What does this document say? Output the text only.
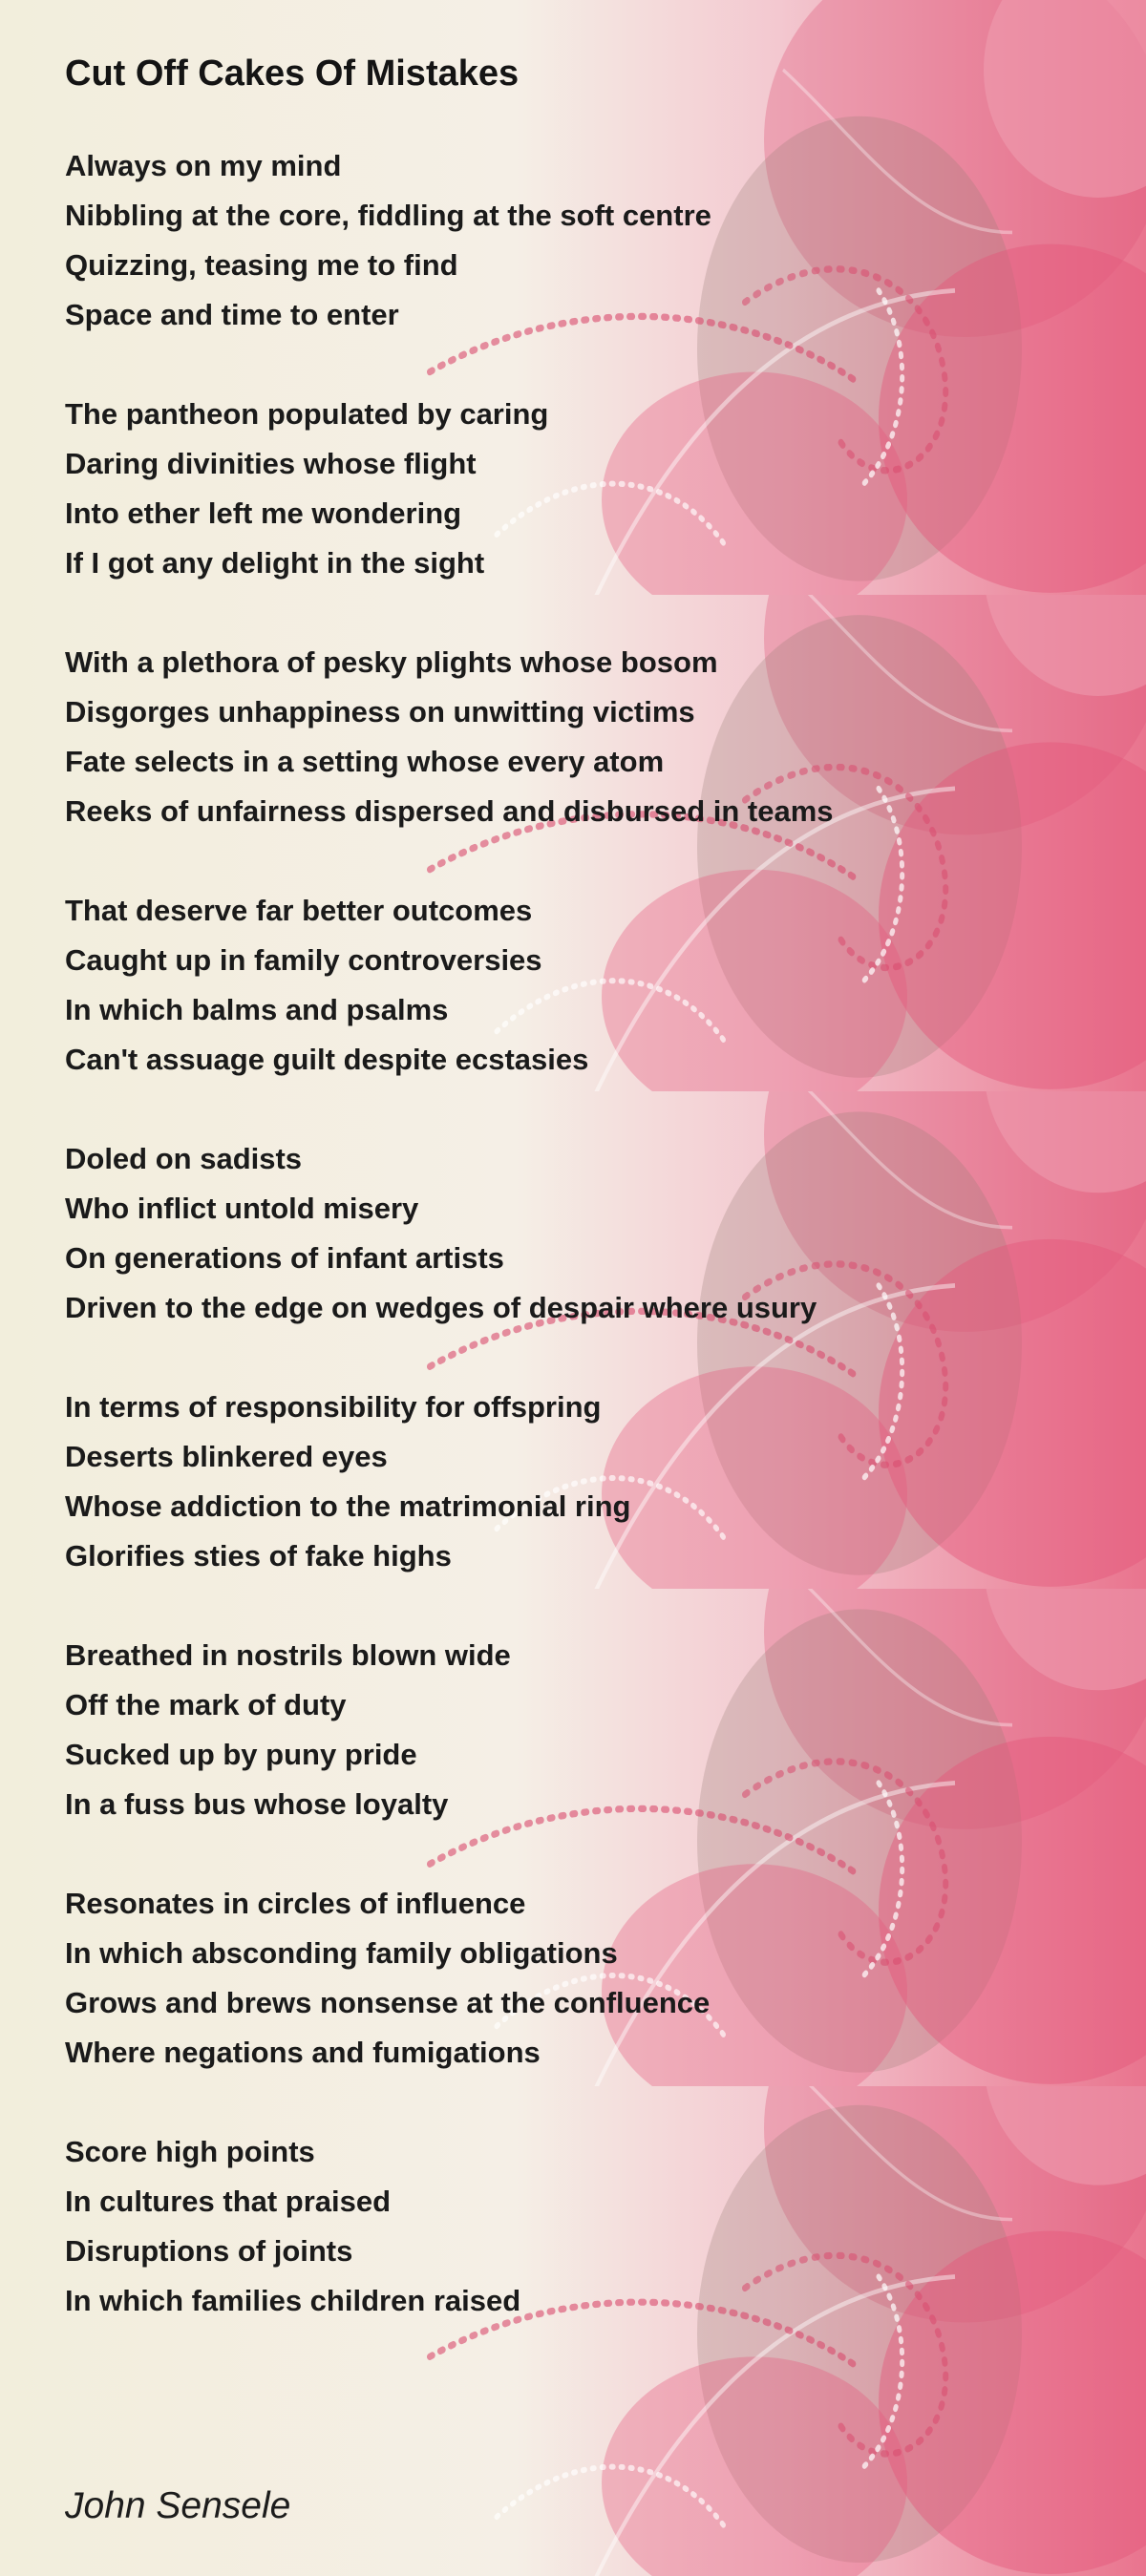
Cut Off Cakes Of Mistakes
Always on my mind
Nibbling at the core, fiddling at the soft centre
Quizzing, teasing me to find
Space and time to enter
The pantheon populated by caring
Daring divinities whose flight
Into ether left me wondering
If I got any delight in the sight
With a plethora of pesky plights whose bosom
Disgorges unhappiness on unwitting victims
Fate selects in a setting whose every atom
Reeks of unfairness dispersed and disbursed in teams
That deserve far better outcomes
Caught up in family controversies
In which balms and psalms
Can't assuage guilt despite ecstasies
Doled on sadists
Who inflict untold misery
On generations of infant artists
Driven to the edge on wedges of despair where usury
In terms of responsibility for offspring
Deserts blinkered eyes
Whose addiction to the matrimonial ring
Glorifies sties of fake highs
Breathed in nostrils blown wide
Off the mark of duty
Sucked up by puny pride
In a fuss bus whose loyalty
Resonates in circles of influence
In which absconding family obligations
Grows and brews nonsense at the confluence
Where negations and fumigations
Score high points
In cultures that praised
Disruptions of joints
In which families children raised
John Sensele
